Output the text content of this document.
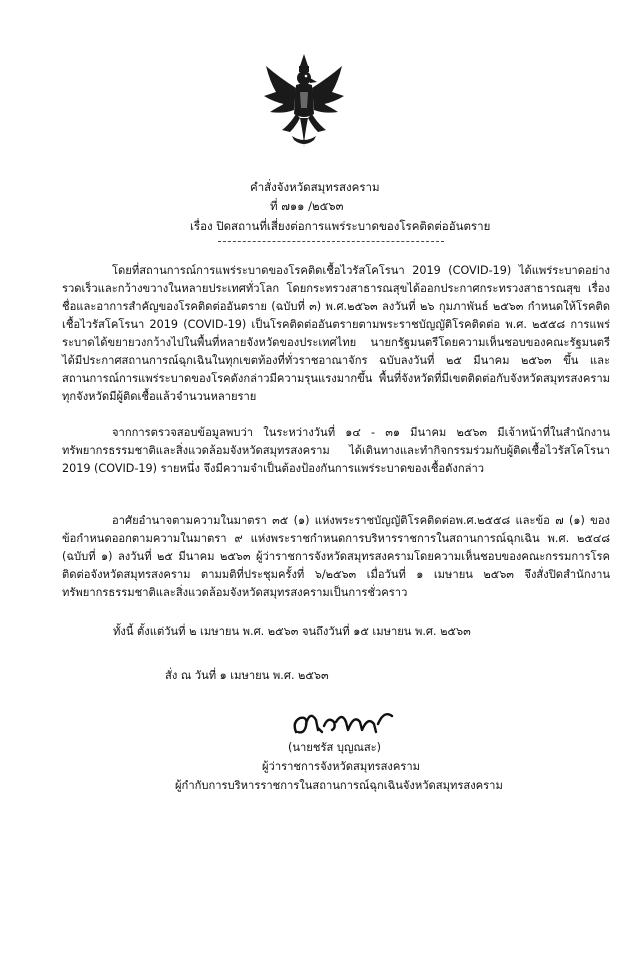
คำสั่งจังหวัดสมุทรสงคราม
ที่ ๗๑๑ /๒๕๖๓
เรื่อง ปิดสถานที่เสี่ยงต่อการแพร่ระบาดของโรคติดต่ออันตราย
โดยที่สถานการณ์การแพร่ระบาดของโรคติดเชื้อไวรัสโคโรนา 2019 (COVID-19) ได้แพร่ระบาดอย่างรวดเร็วและกว้างขวางในหลายประเทศทั่วโลก โดยกระทรวงสาธารณสุขได้ออกประกาศกระทรวงสาธารณสุข เรื่อง ชื่อและอาการสำคัญของโรคติดต่ออันตราย (ฉบับที่ ๓) พ.ศ.๒๕๖๓ ลงวันที่ ๒๖ กุมภาพันธ์ ๒๕๖๓ กำหนดให้โรคติดเชื้อไวรัสโคโรนา 2019 (COVID-19) เป็นโรคติดต่ออันตรายตามพระราชบัญญัติโรคติดต่อ พ.ศ. ๒๕๕๘ การแพร่ระบาดได้ขยายวงกว้างไปในพื้นที่หลายจังหวัดของประเทศไทย นายกรัฐมนตรีโดยความเห็นชอบของคณะรัฐมนตรี ได้มีประกาศสถานการณ์ฉุกเฉินในทุกเขตท้องที่ทั่วราชอาณาจักร ฉบับลงวันที่ ๒๕ มีนาคม ๒๕๖๓ ขึ้น และสถานการณ์การแพร่ระบาดของโรคดังกล่าวมีความรุนแรงมากขึ้น พื้นที่จังหวัดที่มีเขตติดต่อกับจังหวัดสมุทรสงครามทุกจังหวัดมีผู้ติดเชื้อแล้วจำนวนหลายราย
จากการตรวจสอบข้อมูลพบว่า ในระหว่างวันที่ ๑๔ - ๓๑ มีนาคม ๒๕๖๓ มีเจ้าหน้าที่ในสำนักงานทรัพยากรธรรมชาติและสิ่งแวดล้อมจังหวัดสมุทรสงคราม ได้เดินทางและทำกิจกรรมร่วมกับผู้ติดเชื้อไวรัสโคโรนา 2019 (COVID-19) รายหนึ่ง จึงมีความจำเป็นต้องป้องกันการแพร่ระบาดของเชื้อดังกล่าว
อาศัยอำนาจตามความในมาตรา ๓๕ (๑) แห่งพระราชบัญญัติโรคติดต่อพ.ศ.๒๕๕๘ และข้อ ๗ (๑) ของข้อกำหนดออกตามความในมาตรา ๙ แห่งพระราชกำหนดการบริหารราชการในสถานการณ์ฉุกเฉิน พ.ศ. ๒๕๔๘ (ฉบับที่ ๑) ลงวันที่ ๒๕ มีนาคม ๒๕๖๓ ผู้ว่าราชการจังหวัดสมุทรสงครามโดยความเห็นชอบของคณะกรรมการโรคติดต่อจังหวัดสมุทรสงคราม ตามมติที่ประชุมครั้งที่ ๖/๒๕๖๓ เมื่อวันที่ ๑ เมษายน ๒๕๖๓ จึงสั่งปิดสำนักงานทรัพยากรธรรมชาติและสิ่งแวดล้อมจังหวัดสมุทรสงครามเป็นการชั่วคราว
ทั้งนี้ ตั้งแต่วันที่ ๒ เมษายน พ.ศ. ๒๕๖๓ จนถึงวันที่ ๑๕ เมษายน พ.ศ. ๒๕๖๓
สั่ง ณ วันที่ ๑ เมษายน พ.ศ. ๒๕๖๓
(นายชรัส บุญณสะ)
ผู้ว่าราชการจังหวัดสมุทรสงคราม
ผู้กำกับการบริหารราชการในสถานการณ์ฉุกเฉินจังหวัดสมุทรสงคราม
